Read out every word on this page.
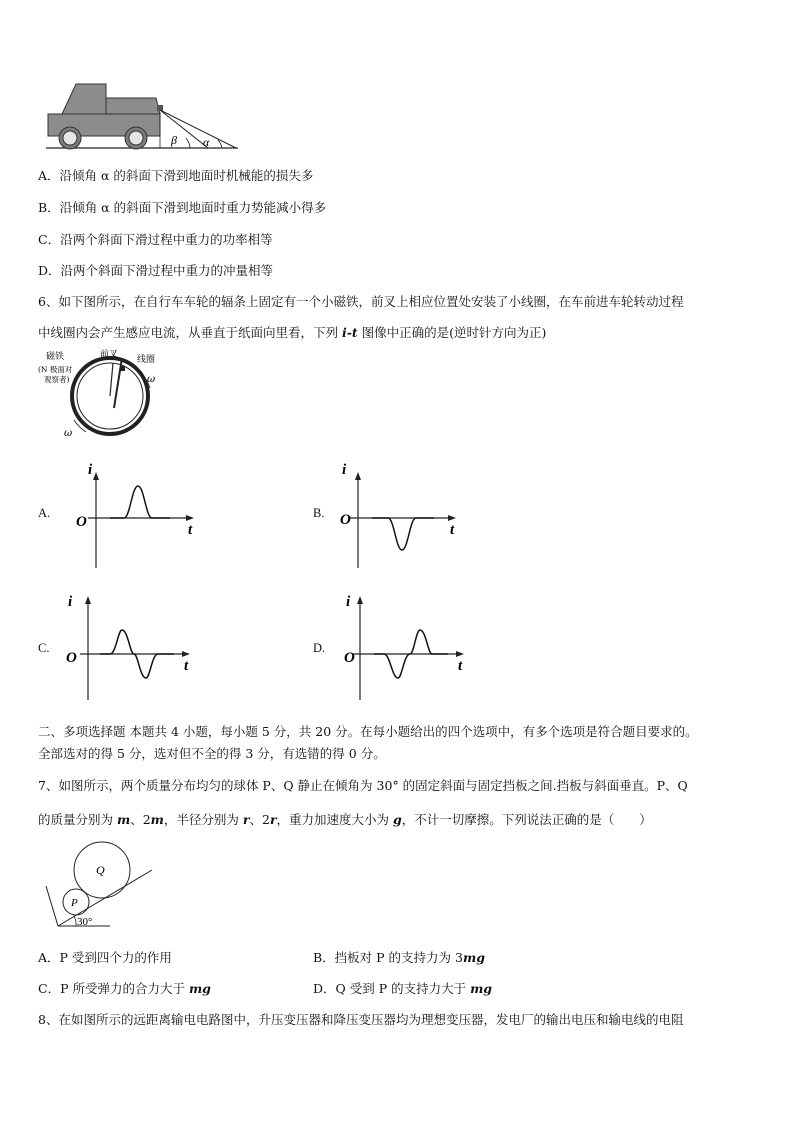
β α
A．沿倾角 α 的斜面下滑到地面时机械能的损失多
B．沿倾角 α 的斜面下滑到地面时重力势能减小得多
C．沿两个斜面下滑过程中重力的功率相等
D．沿两个斜面下滑过程中重力的冲量相等
6、如下图所示，在自行车车轮的辐条上固定有一个小磁铁，前叉上相应位置处安装了小线圈，在车前进车轮转动过程
中线圈内会产生感应电流，从垂直于纸面向里看，下列 i-t 图像中正确的是(逆时针方向为正)
磁铁
(N 极面对
观察者)
前叉 线圈
ω
ω
A.
i
t
O
B.
i
t
O
C.
i
t
O
D.
i
t
O
二、多项选择题 本题共 4 小题，每小题 5 分，共 20 分。在每小题给出的四个选项中，有多个选项是符合题目要求的。
全部选对的得 5 分，选对但不全的得 3 分，有选错的得 0 分。
7、如图所示，两个质量分布均匀的球体 P、Q 静止在倾角为 30° 的固定斜面与固定挡板之间.挡板与斜面垂直。P、Q
的质量分别为 m、2m，半径分别为 r、2r，重力加速度大小为 g，不计一切摩擦。下列说法正确的是（　　）
Q
P
30°
A．P 受到四个力的作用	B．挡板对 P 的支持力为 3mg
C．P 所受弹力的合力大于 mg	D．Q 受到 P 的支持力大于 mg
8、在如图所示的远距离输电电路图中，升压变压器和降压变压器均为理想变压器，发电厂的输出电压和输电线的电阻
